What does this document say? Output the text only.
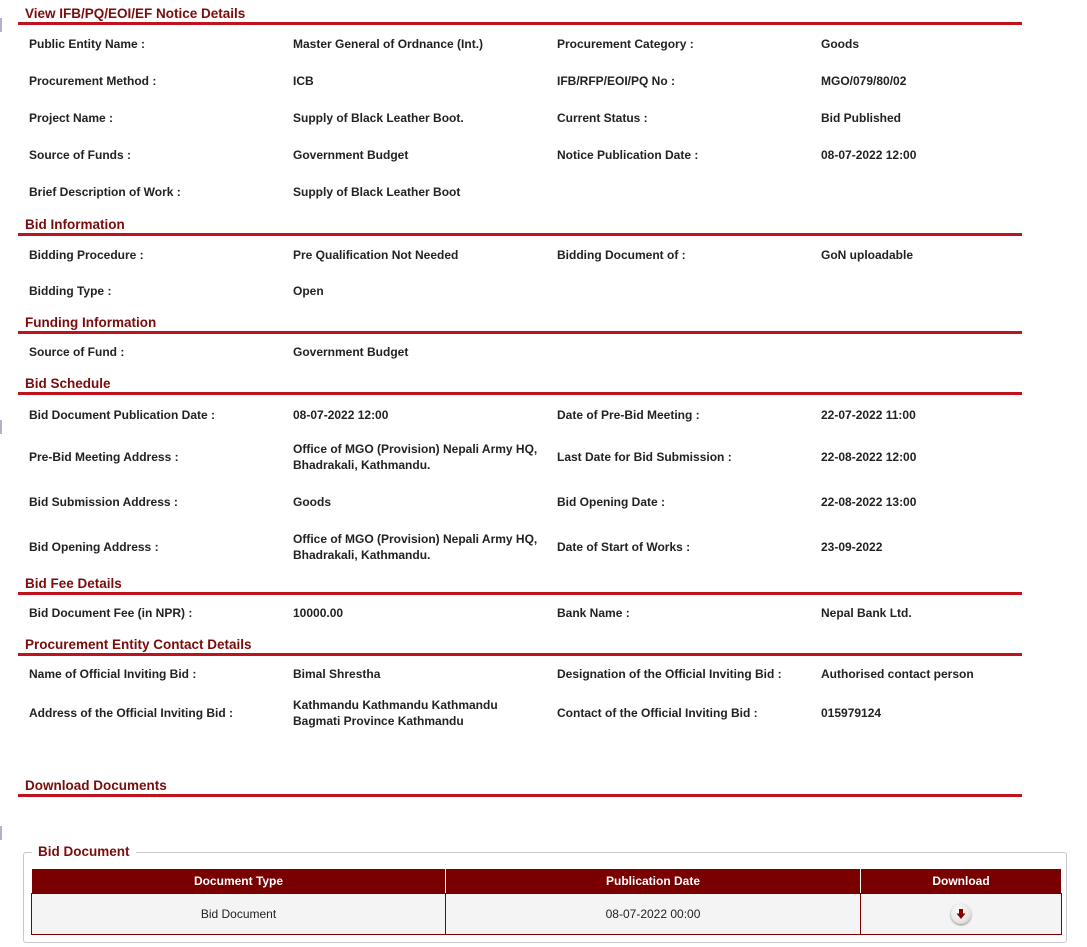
View IFB/PQ/EOI/EF Notice Details
Public Entity Name :	Master General of Ordnance (Int.)	Procurement Category :	Goods
Procurement Method :	ICB	IFB/RFP/EOI/PQ No :	MGO/079/80/02
Project Name :	Supply of Black Leather Boot.	Current Status :	Bid Published
Source of Funds :	Government Budget	Notice Publication Date :	08-07-2022 12:00
Brief Description of Work :	Supply of Black Leather Boot		
Bid Information
Bidding Procedure :	Pre Qualification Not Needed	Bidding Document of :	GoN uploadable
Bidding Type :	Open		
Funding Information
Source of Fund :	Government Budget		
Bid Schedule
Bid Document Publication Date :	08-07-2022 12:00	Date of Pre-Bid Meeting :	22-07-2022 11:00
Pre-Bid Meeting Address :	Office of MGO (Provision) Nepali Army HQ,
Bhadrakali, Kathmandu.	Last Date for Bid Submission :	22-08-2022 12:00
Bid Submission Address :	Goods	Bid Opening Date :	22-08-2022 13:00
Bid Opening Address :	Office of MGO (Provision) Nepali Army HQ,
Bhadrakali, Kathmandu.	Date of Start of Works :	23-09-2022
Bid Fee Details
Bid Document Fee (in NPR) :	10000.00	Bank Name :	Nepal Bank Ltd.
Procurement Entity Contact Details
Name of Official Inviting Bid :	Bimal Shrestha	Designation of the Official Inviting Bid :	Authorised contact person
Address of the Official Inviting Bid :	Kathmandu Kathmandu Kathmandu
Bagmati Province Kathmandu	Contact of the Official Inviting Bid :	015979124
Download Documents
Bid Document
Document Type	Publication Date	Download
Bid Document	08-07-2022 00:00	
